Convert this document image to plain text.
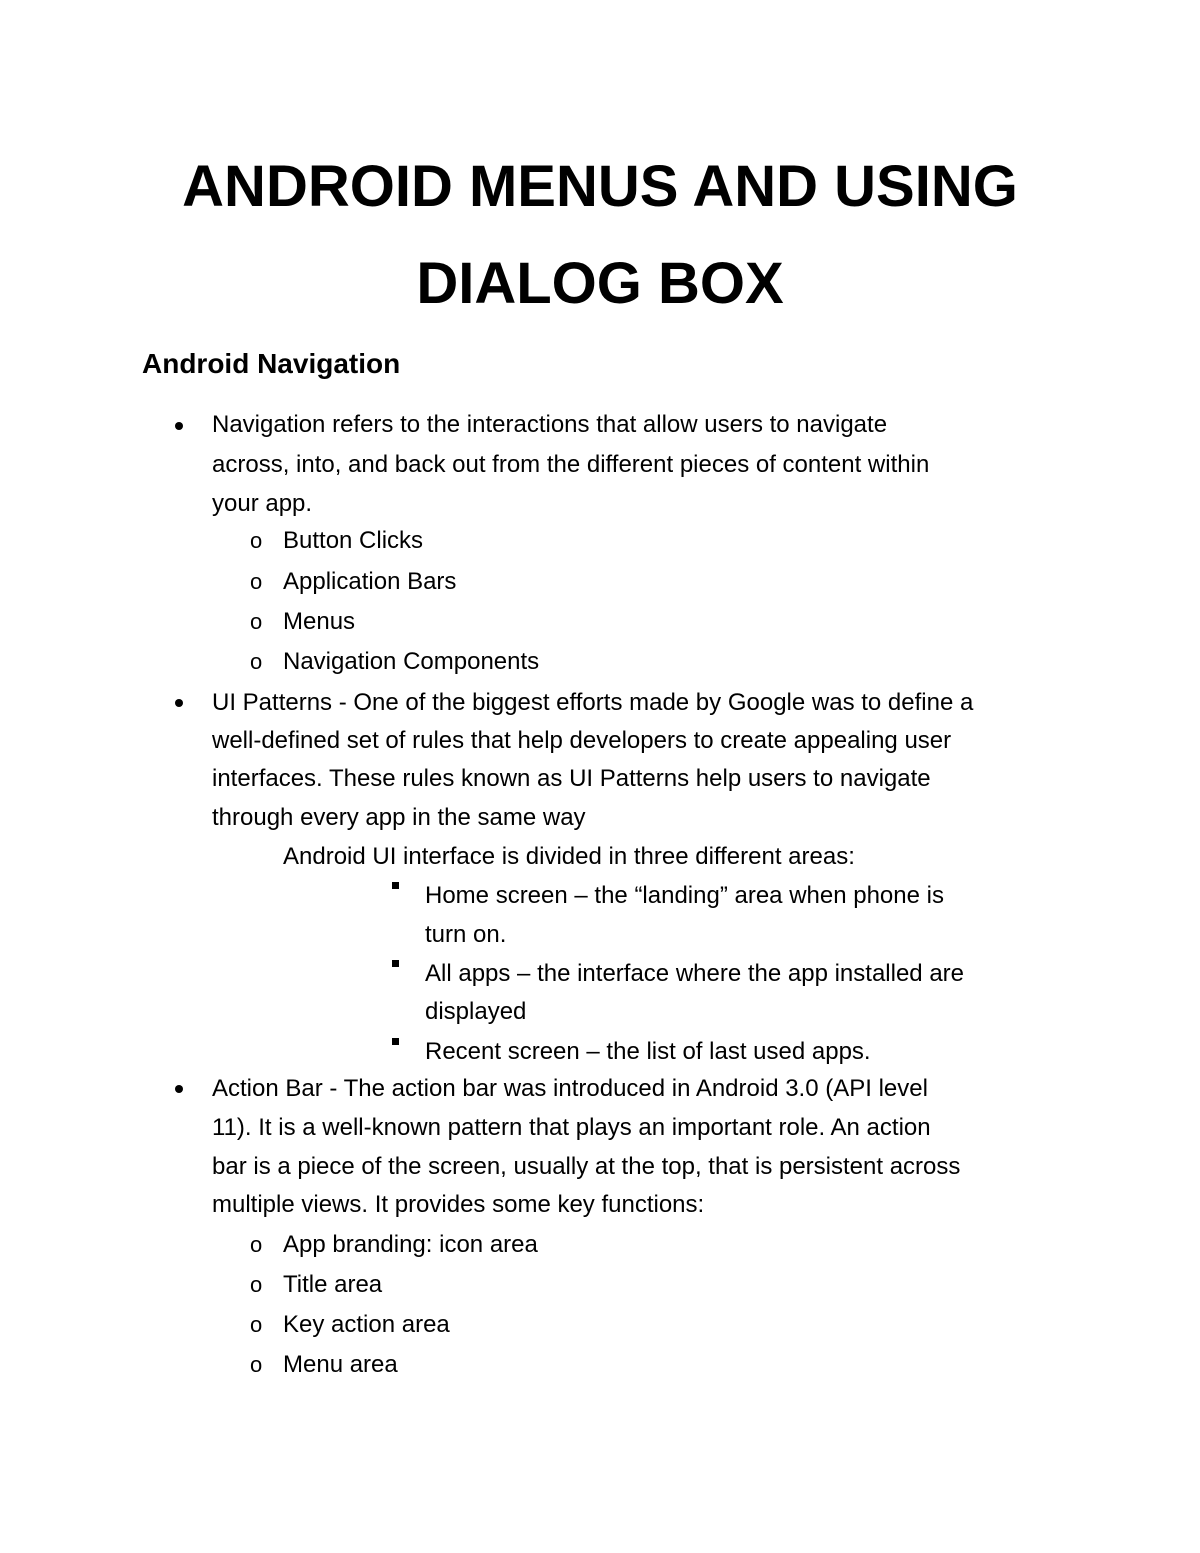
ANDROID MENUS AND USING
DIALOG BOX
Android Navigation
Navigation refers to the interactions that allow users to navigate
across, into, and back out from the different pieces of content within
your app.
o Button Clicks
o Application Bars
o Menus
o Navigation Components
UI Patterns - One of the biggest efforts made by Google was to define a
well-defined set of rules that help developers to create appealing user
interfaces. These rules known as UI Patterns help users to navigate
through every app in the same way
Android UI interface is divided in three different areas:
Home screen – the “landing” area when phone is
turn on.
All apps – the interface where the app installed are
displayed
Recent screen – the list of last used apps.
Action Bar - The action bar was introduced in Android 3.0 (API level
11). It is a well-known pattern that plays an important role. An action
bar is a piece of the screen, usually at the top, that is persistent across
multiple views. It provides some key functions:
o App branding: icon area
o Title area
o Key action area
o Menu area
